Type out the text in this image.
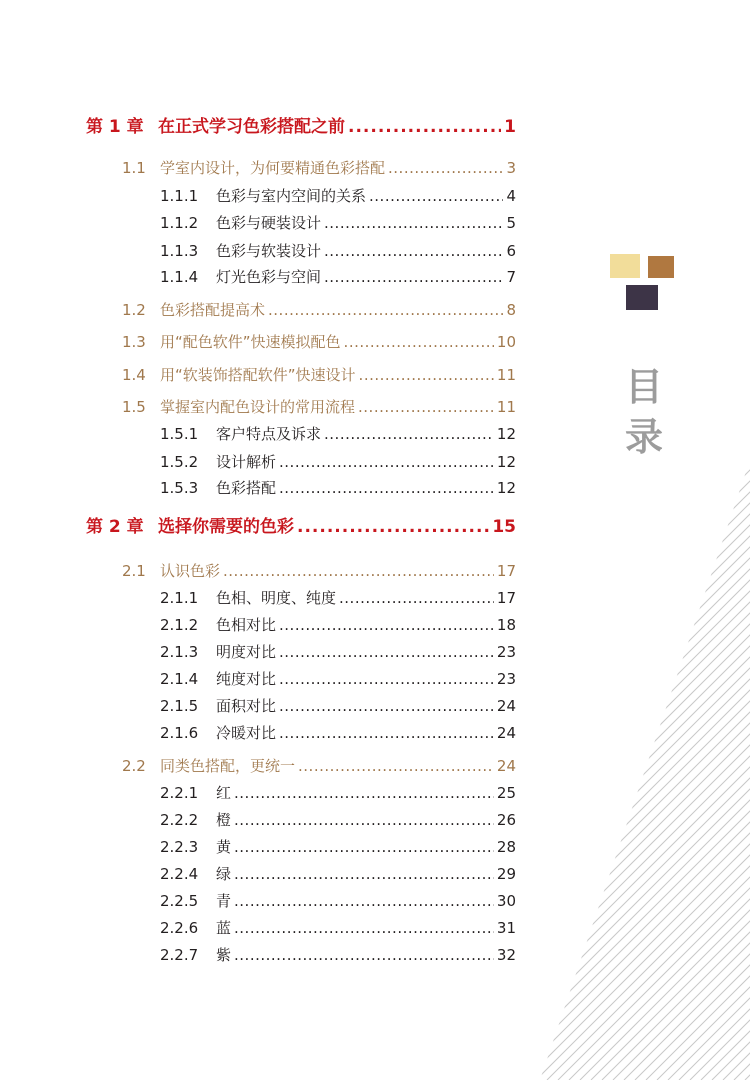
第 1 章 在正式学习色彩搭配之前 .....	1
1.1 学室内设计，为何要精通色彩搭配 .....	3
1.1.1	色彩与室内空间的关系 .....	4
1.1.2	色彩与硬装设计 .....	5
1.1.3	色彩与软装设计 .....	6
1.1.4	灯光色彩与空间 .....	7
1.2 色彩搭配提高术 .....	8
1.3 用“配色软件”快速模拟配色 .....	10
1.4 用“软装饰搭配软件”快速设计 .....	11
1.5 掌握室内配色设计的常用流程 .....	11
1.5.1	客户特点及诉求 .....	12
1.5.2	设计解析 .....	12
1.5.3	色彩搭配 .....	12
第 2 章 选择你需要的色彩 .....	15
2.1 认识色彩 .....	17
2.1.1	色相、明度、纯度 .....	17
2.1.2	色相对比 .....	18
2.1.3	明度对比 .....	23
2.1.4	纯度对比 .....	23
2.1.5	面积对比 .....	24
2.1.6	冷暖对比 .....	24
2.2 同类色搭配，更统一 .....	24
2.2.1	红 .....	25
2.2.2	橙 .....	26
2.2.3	黄 .....	28
2.2.4	绿 .....	29
2.2.5	青 .....	30
2.2.6	蓝 .....	31
2.2.7	紫 .....	32
目录
